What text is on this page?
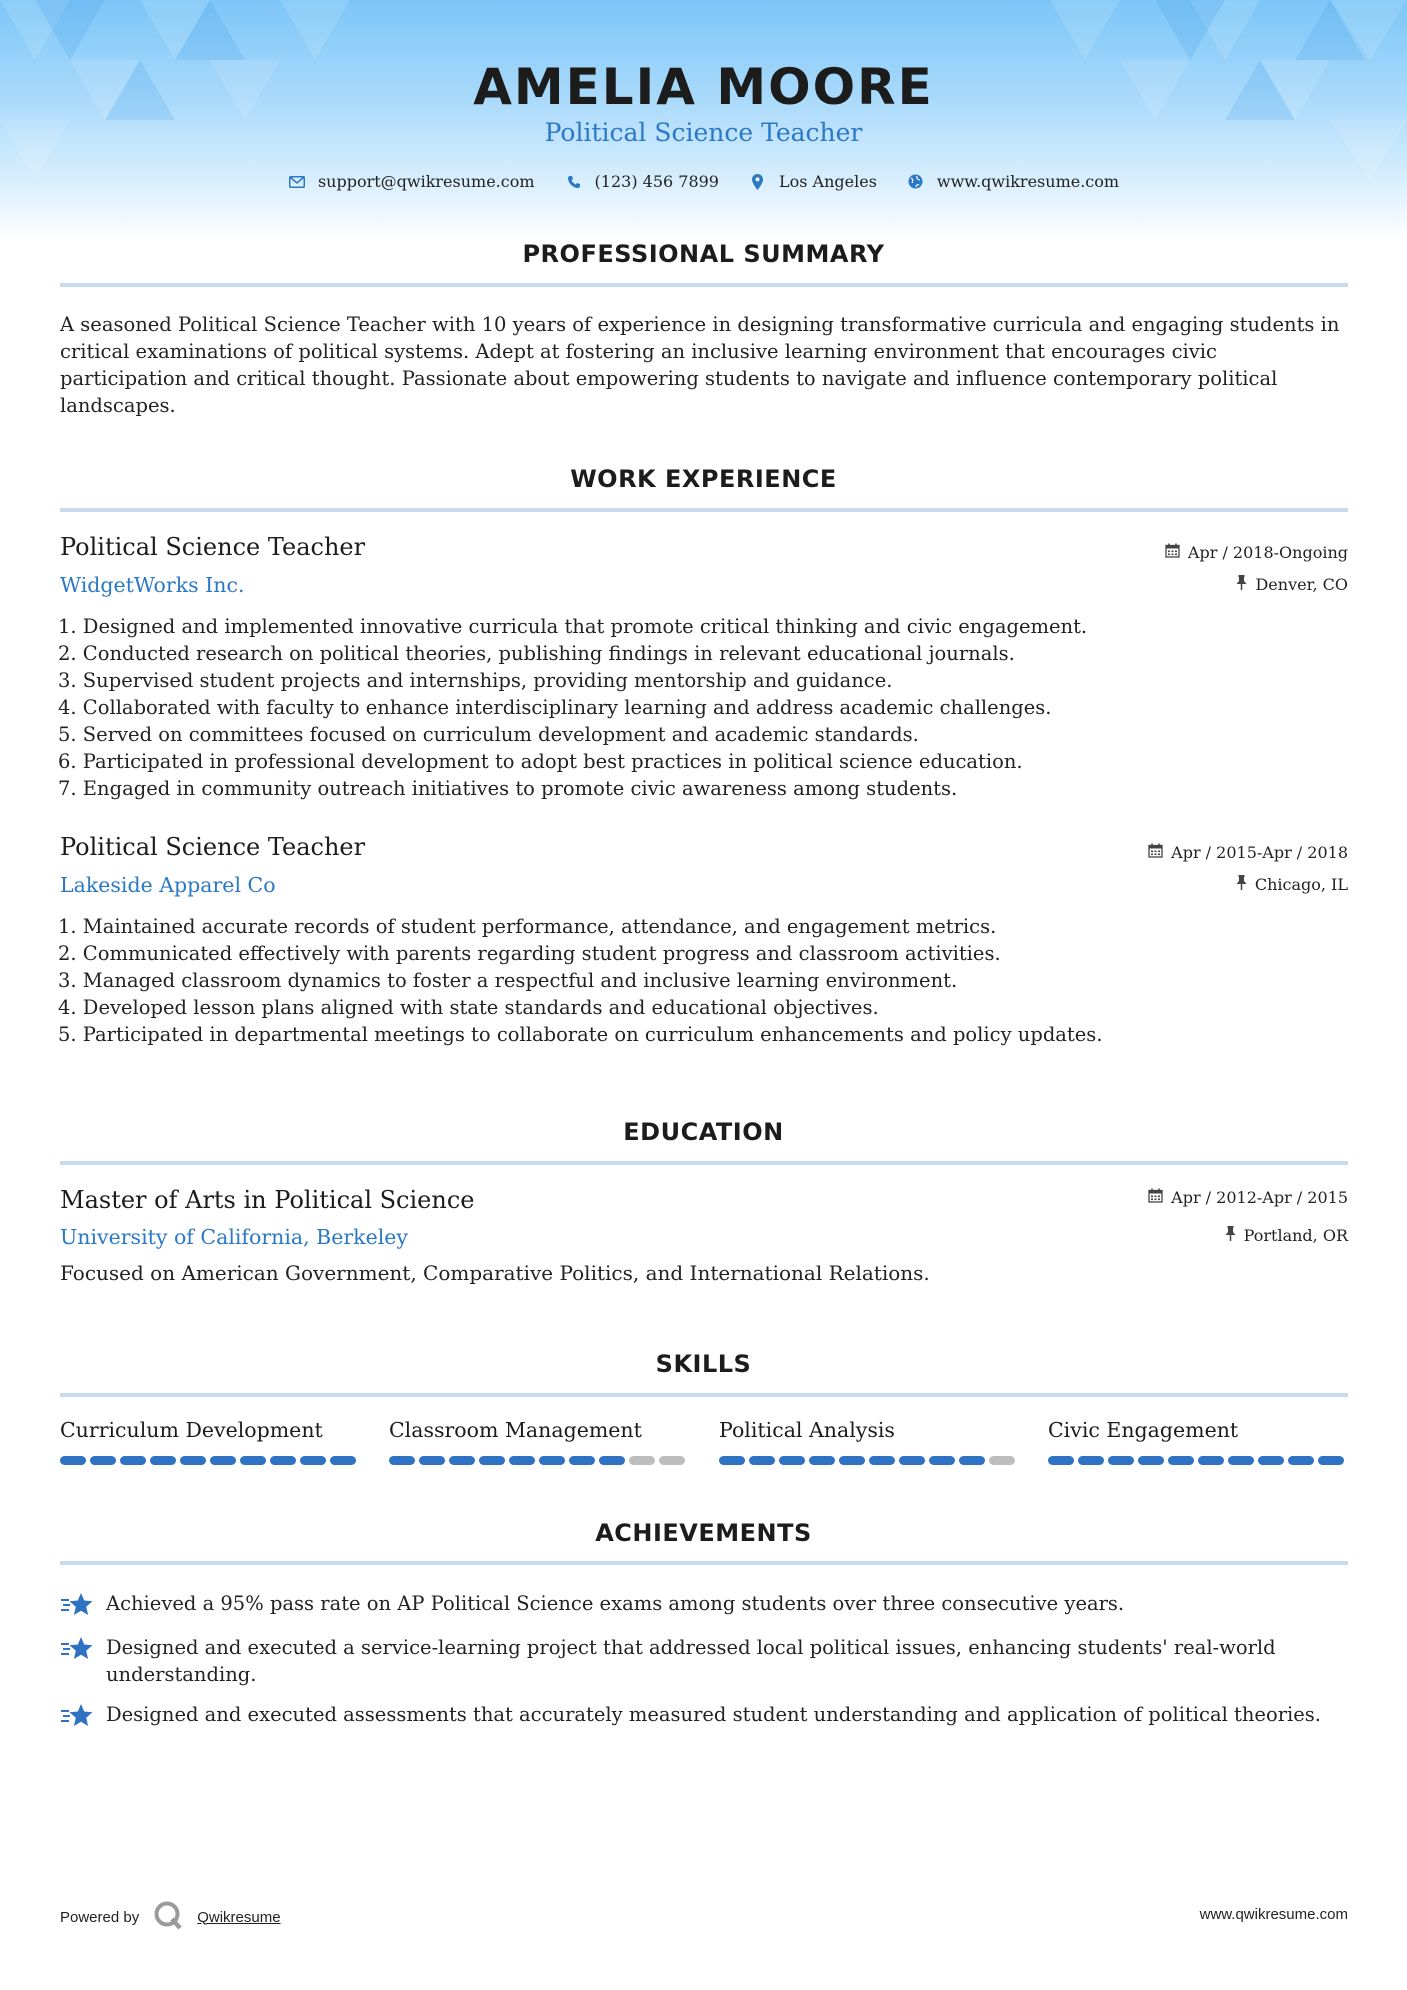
AMELIA MOORE
Political Science Teacher
support@qwikresume.com	(123) 456 7899	Los Angeles	www.qwikresume.com
PROFESSIONAL SUMMARY
A seasoned Political Science Teacher with 10 years of experience in designing transformative curricula and engaging students in critical examinations of political systems. Adept at fostering an inclusive learning environment that encourages civic participation and critical thought. Passionate about empowering students to navigate and influence contemporary political landscapes.
WORK EXPERIENCE
Political Science Teacher
WidgetWorks Inc.
Apr / 2018-Ongoing
Denver, CO
1. Designed and implemented innovative curricula that promote critical thinking and civic engagement.
2. Conducted research on political theories, publishing findings in relevant educational journals.
3. Supervised student projects and internships, providing mentorship and guidance.
4. Collaborated with faculty to enhance interdisciplinary learning and address academic challenges.
5. Served on committees focused on curriculum development and academic standards.
6. Participated in professional development to adopt best practices in political science education.
7. Engaged in community outreach initiatives to promote civic awareness among students.
Political Science Teacher
Lakeside Apparel Co
Apr / 2015-Apr / 2018
Chicago, IL
1. Maintained accurate records of student performance, attendance, and engagement metrics.
2. Communicated effectively with parents regarding student progress and classroom activities.
3. Managed classroom dynamics to foster a respectful and inclusive learning environment.
4. Developed lesson plans aligned with state standards and educational objectives.
5. Participated in departmental meetings to collaborate on curriculum enhancements and policy updates.
EDUCATION
Master of Arts in Political Science
University of California, Berkeley
Apr / 2012-Apr / 2015
Portland, OR
Focused on American Government, Comparative Politics, and International Relations.
SKILLS
Curriculum Development	Classroom Management	Political Analysis	Civic Engagement
ACHIEVEMENTS
Achieved a 95% pass rate on AP Political Science exams among students over three consecutive years.
Designed and executed a service-learning project that addressed local political issues, enhancing students' real-world understanding.
Designed and executed assessments that accurately measured student understanding and application of political theories.
Powered by	Qwikresume	www.qwikresume.com
